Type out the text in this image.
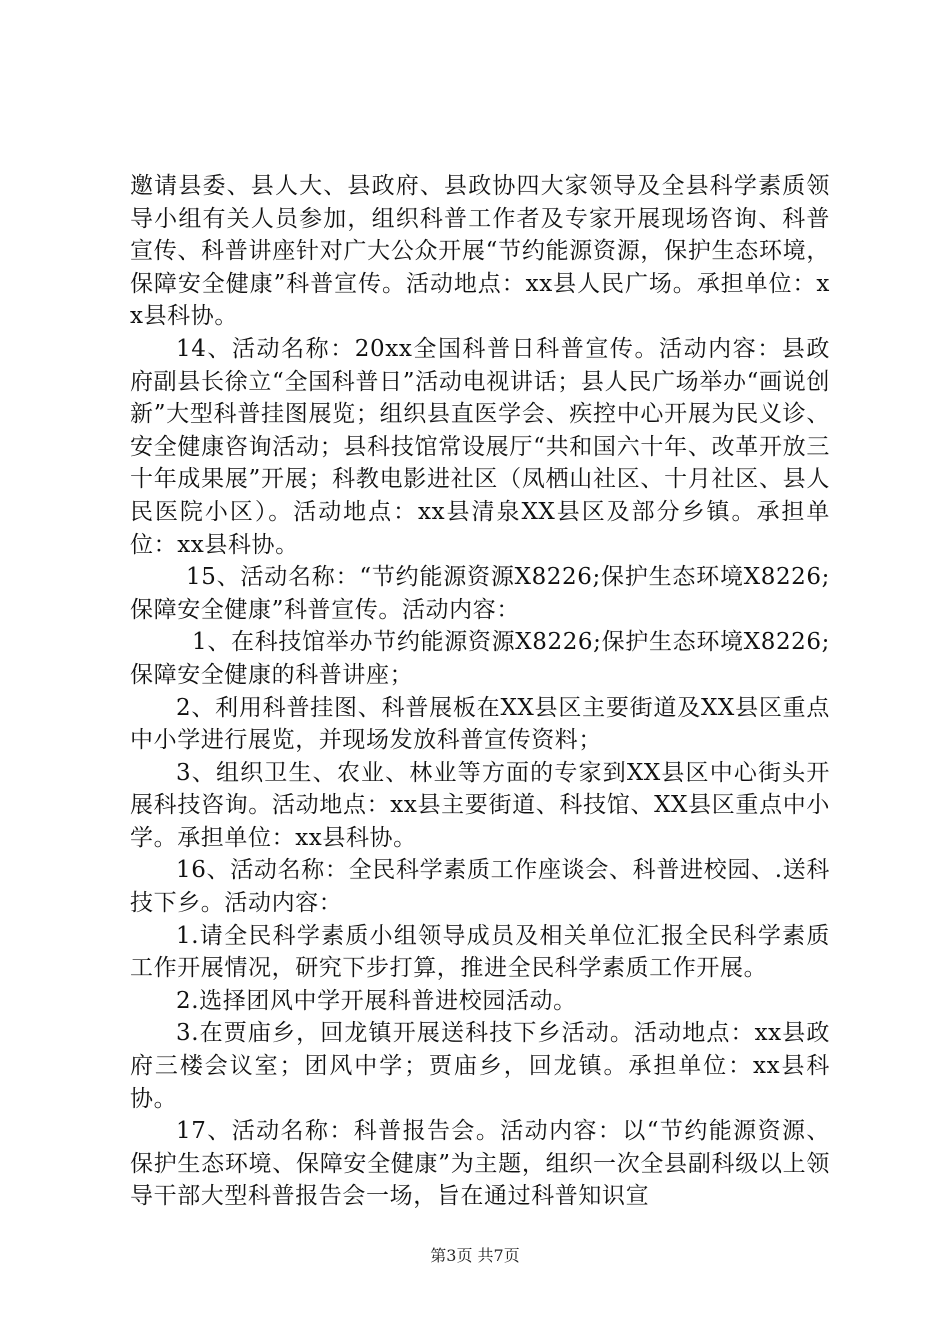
邀请县委、县人大、县政府、县政协四大家领导及全县科学素质领导小组有关人员参加，组织科普工作者及专家开展现场咨询、科普宣传、科普讲座针对广大公众开展“节约能源资源，保护生态环境，保障安全健康”科普宣传。活动地点：xx县人民广场。承担单位：xx县科协。

14、活动名称：20xx全国科普日科普宣传。活动内容：县政府副县长徐立“全国科普日”活动电视讲话；县人民广场举办“画说创新”大型科普挂图展览；组织县直医学会、疾控中心开展为民义诊、安全健康咨询活动；县科技馆常设展厅“共和国六十年、改革开放三十年成果展”开展；科教电影进社区（凤栖山社区、十月社区、县人民医院小区）。活动地点：xx县清泉XX县区及部分乡镇。承担单位：xx县科协。

15、活动名称：“节约能源资源X8226;保护生态环境X8226;保障安全健康”科普宣传。活动内容：

1、在科技馆举办节约能源资源X8226;保护生态环境X8226;保障安全健康的科普讲座；

2、利用科普挂图、科普展板在XX县区主要街道及XX县区重点中小学进行展览，并现场发放科普宣传资料；

3、组织卫生、农业、林业等方面的专家到XX县区中心街头开展科技咨询。活动地点：xx县主要街道、科技馆、XX县区重点中小学。承担单位：xx县科协。

16、活动名称：全民科学素质工作座谈会、科普进校园、.送科技下乡。活动内容：

1.请全民科学素质小组领导成员及相关单位汇报全民科学素质工作开展情况，研究下步打算，推进全民科学素质工作开展。

2.选择团风中学开展科普进校园活动。

3.在贾庙乡，回龙镇开展送科技下乡活动。活动地点：xx县政府三楼会议室；团风中学；贾庙乡，回龙镇。承担单位：xx县科协。

17、活动名称：科普报告会。活动内容：以“节约能源资源、保护生态环境、保障安全健康”为主题，组织一次全县副科级以上领导干部大型科普报告会一场，旨在通过科普知识宣

第3页 共7页
